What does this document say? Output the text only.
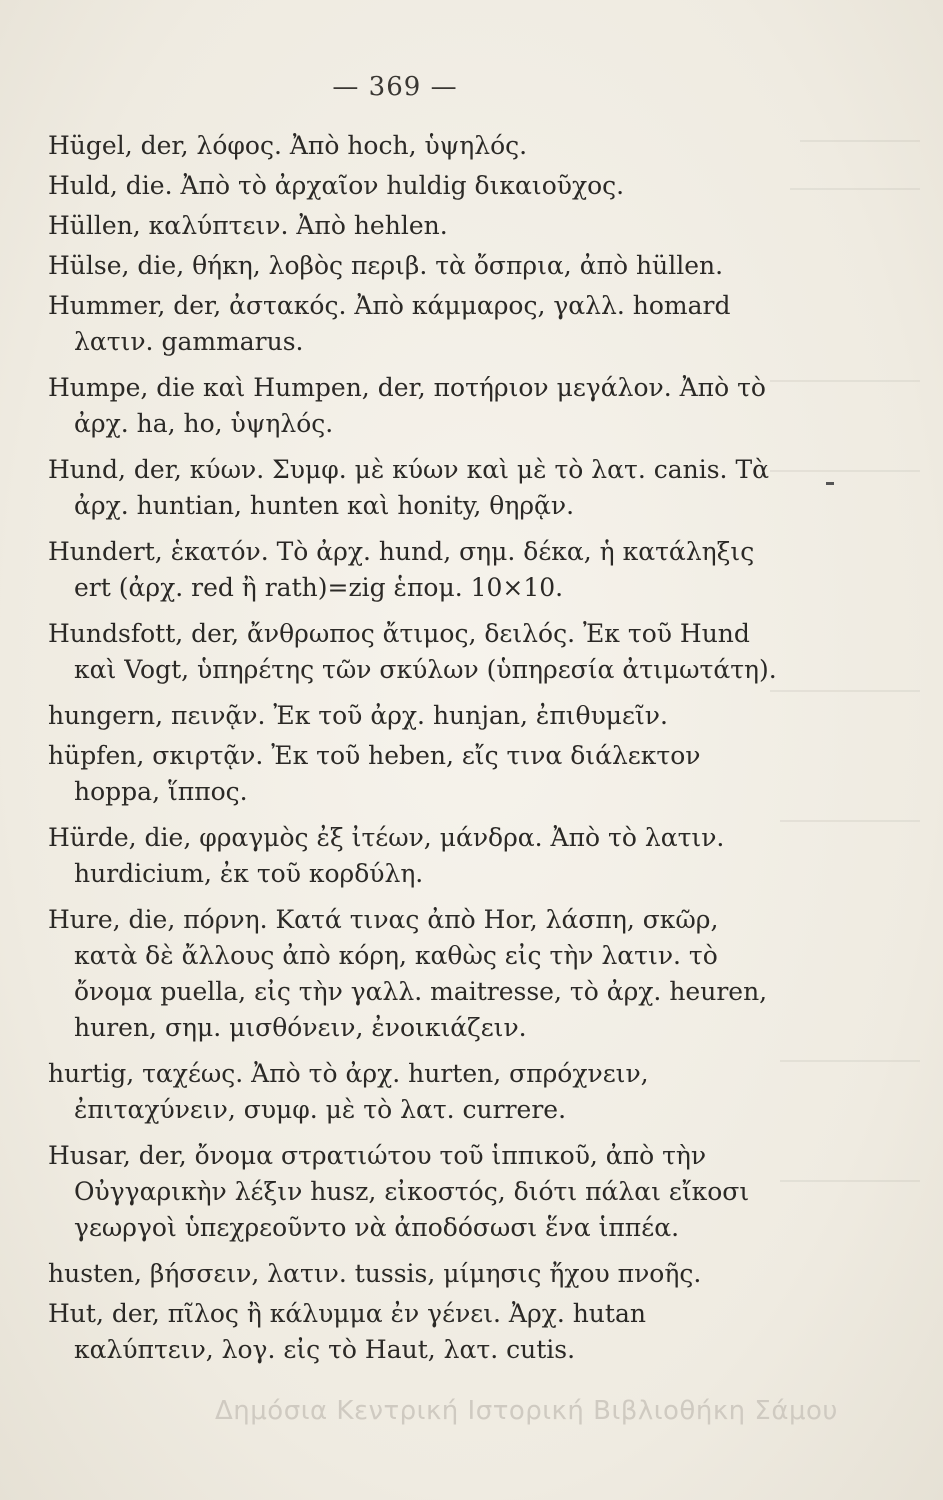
— 369 —
Hügel, der, λόφος. Ἀπὸ hoch, ὑψηλός.
Huld, die. Ἀπὸ τὸ ἀρχαῖον huldig δικαιοῦχος.
Hüllen, καλύπτειν. Ἀπὸ hehlen.
Hülse, die, θήκη, λοβὸς περιβ. τὰ ὄσπρια, ἀπὸ hüllen.
Hummer, der, ἀστακός. Ἀπὸ κάμμαρος, γαλλ. homard λατιν. gammarus.
Humpe, die καὶ Humpen, der, ποτήριον μεγάλον. Ἀπὸ τὸ ἀρχ. ha, ho, ὑψηλός.
Hund, der, κύων. Συμφ. μὲ κύων καὶ μὲ τὸ λατ. canis. Τὰ ἀρχ. huntian, hunten καὶ honity, θηρᾷν.
Hundert, ἑκατόν. Τὸ ἀρχ. hund, σημ. δέκα, ἡ κατάληξις ert (ἀρχ. red ἢ rath)=zig ἑπομ. 10×10.
Hundsfott, der, ἄνθρωπος ἄτιμος, δειλός. Ἐκ τοῦ Hund καὶ Vogt, ὑπηρέτης τῶν σκύλων (ὑπηρεσία ἀτιμωτάτη).
hungern, πεινᾷν. Ἐκ τοῦ ἀρχ. hunjan, ἐπιθυμεῖν.
hüpfen, σκιρτᾷν. Ἐκ τοῦ heben, εἴς τινα διάλεκτον hoppa, ἵππος.
Hürde, die, φραγμὸς ἐξ ἰτέων, μάνδρα. Ἀπὸ τὸ λατιν. hurdicium, ἐκ τοῦ κορδύλη.
Hure, die, πόρνη. Κατά τινας ἀπὸ Hor, λάσπη, σκῶρ, κατὰ δὲ ἄλλους ἀπὸ κόρη, καθὼς εἰς τὴν λατιν. τὸ ὄνομα puella, εἰς τὴν γαλλ. maitresse, τὸ ἀρχ. heuren, huren, σημ. μισθόνειν, ἐνοικιάζειν.
hurtig, ταχέως. Ἀπὸ τὸ ἀρχ. hurten, σπρόχνειν, ἐπιταχύνειν, συμφ. μὲ τὸ λατ. currere.
Husar, der, ὄνομα στρατιώτου τοῦ ἱππικοῦ, ἀπὸ τὴν Οὐγγαρικὴν λέξιν husz, εἰκοστός, διότι πάλαι εἴκοσι γεωργοὶ ὑπεχρεοῦντο νὰ ἀποδόσωσι ἕνα ἱππέα.
husten, βήσσειν, λατιν. tussis, μίμησις ἤχου πνοῆς.
Hut, der, πῖλος ἢ κάλυμμα ἐν γένει. Ἀρχ. hutan καλύπτειν, λογ. εἰς τὸ Haut, λατ. cutis.
Δημόσια Κεντρική Ιστορική Βιβλιοθήκη Σάμου
